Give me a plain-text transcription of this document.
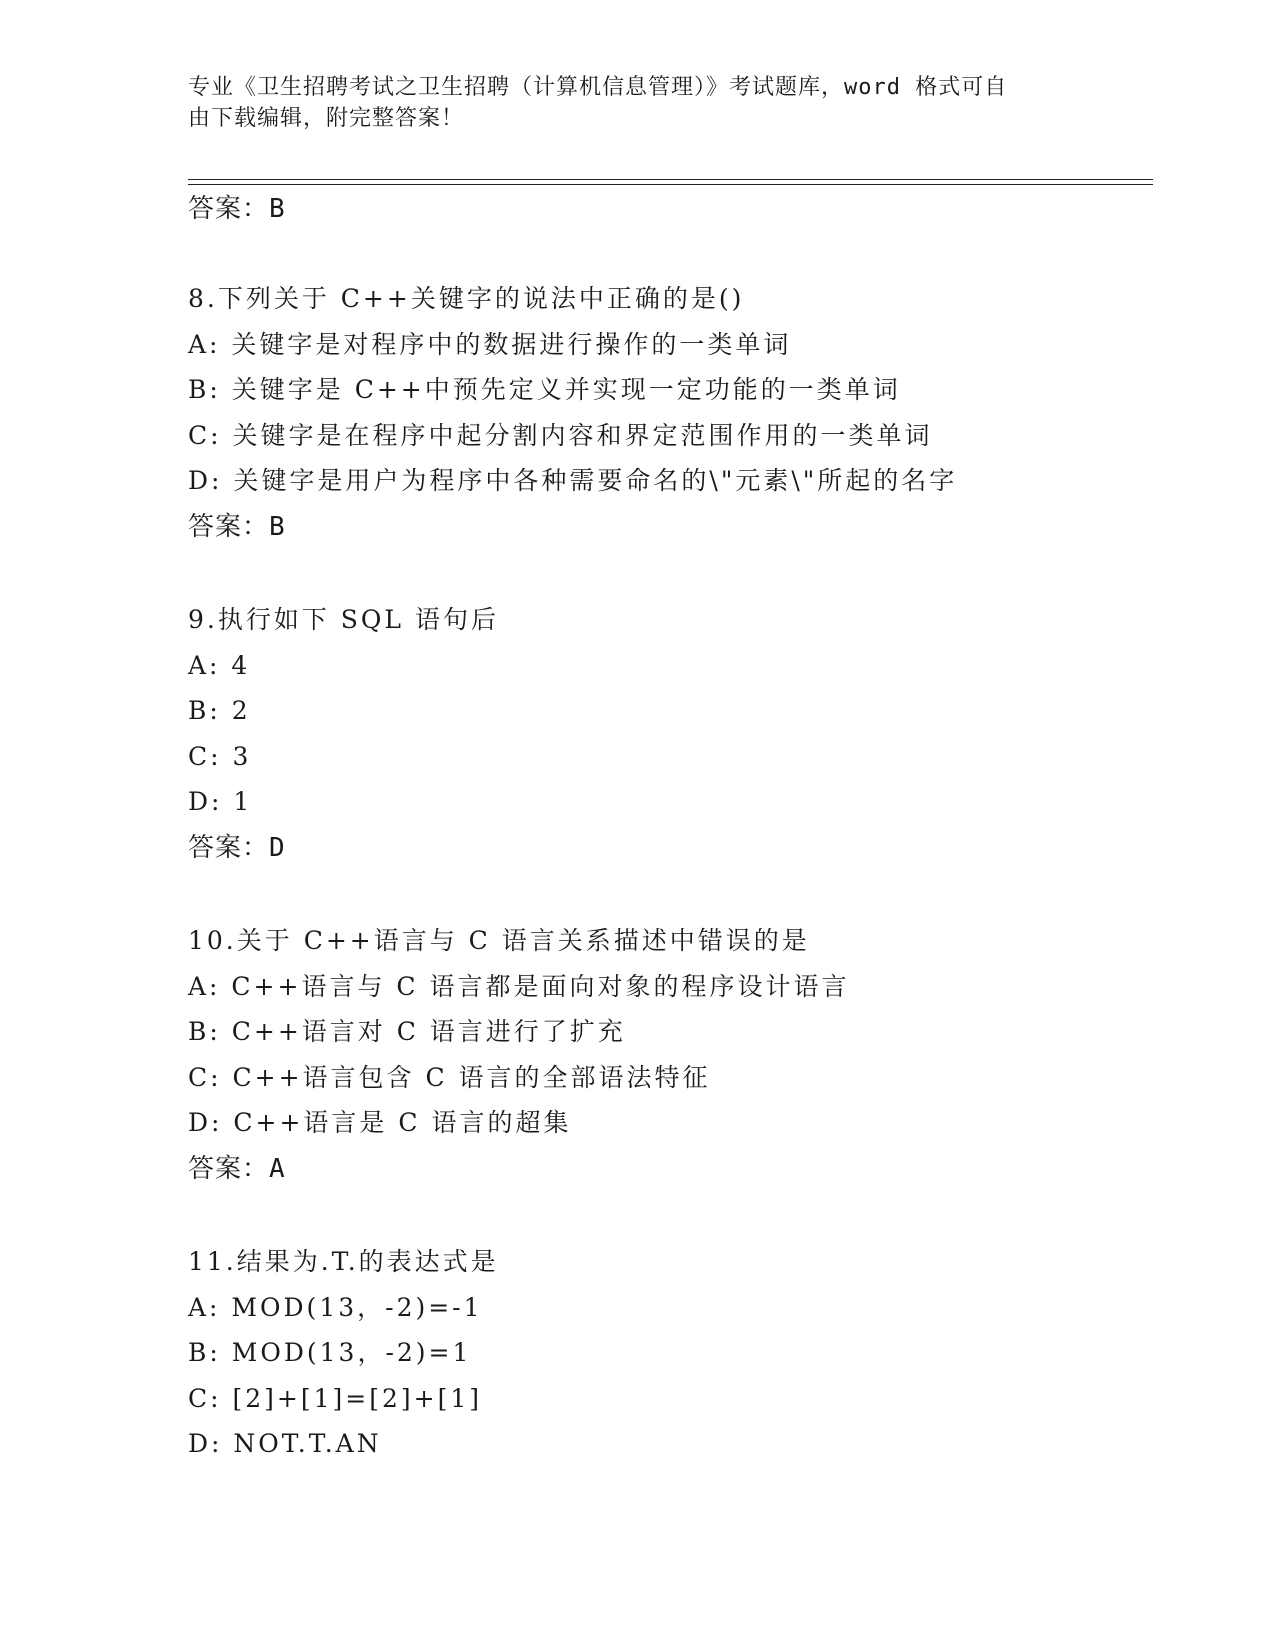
专业《卫生招聘考试之卫生招聘（计算机信息管理）》考试题库，word 格式可自
由下载编辑，附完整答案！
答案：B
8.下列关于 C++关键字的说法中正确的是()
A: 关键字是对程序中的数据进行操作的一类单词
B: 关键字是 C++中预先定义并实现一定功能的一类单词
C: 关键字是在程序中起分割内容和界定范围作用的一类单词
D: 关键字是用户为程序中各种需要命名的\"元素\"所起的名字
答案：B
9.执行如下 SQL 语句后
A: 4
B: 2
C: 3
D: 1
答案：D
10.关于 C++语言与 C 语言关系描述中错误的是
A: C++语言与 C 语言都是面向对象的程序设计语言
B: C++语言对 C 语言进行了扩充
C: C++语言包含 C 语言的全部语法特征
D: C++语言是 C 语言的超集
答案：A
11.结果为.T.的表达式是
A: MOD(13，-2)=-1
B: MOD(13，-2)=1
C: [2]+[1]=[2]+[1]
D: NOT.T.AN
